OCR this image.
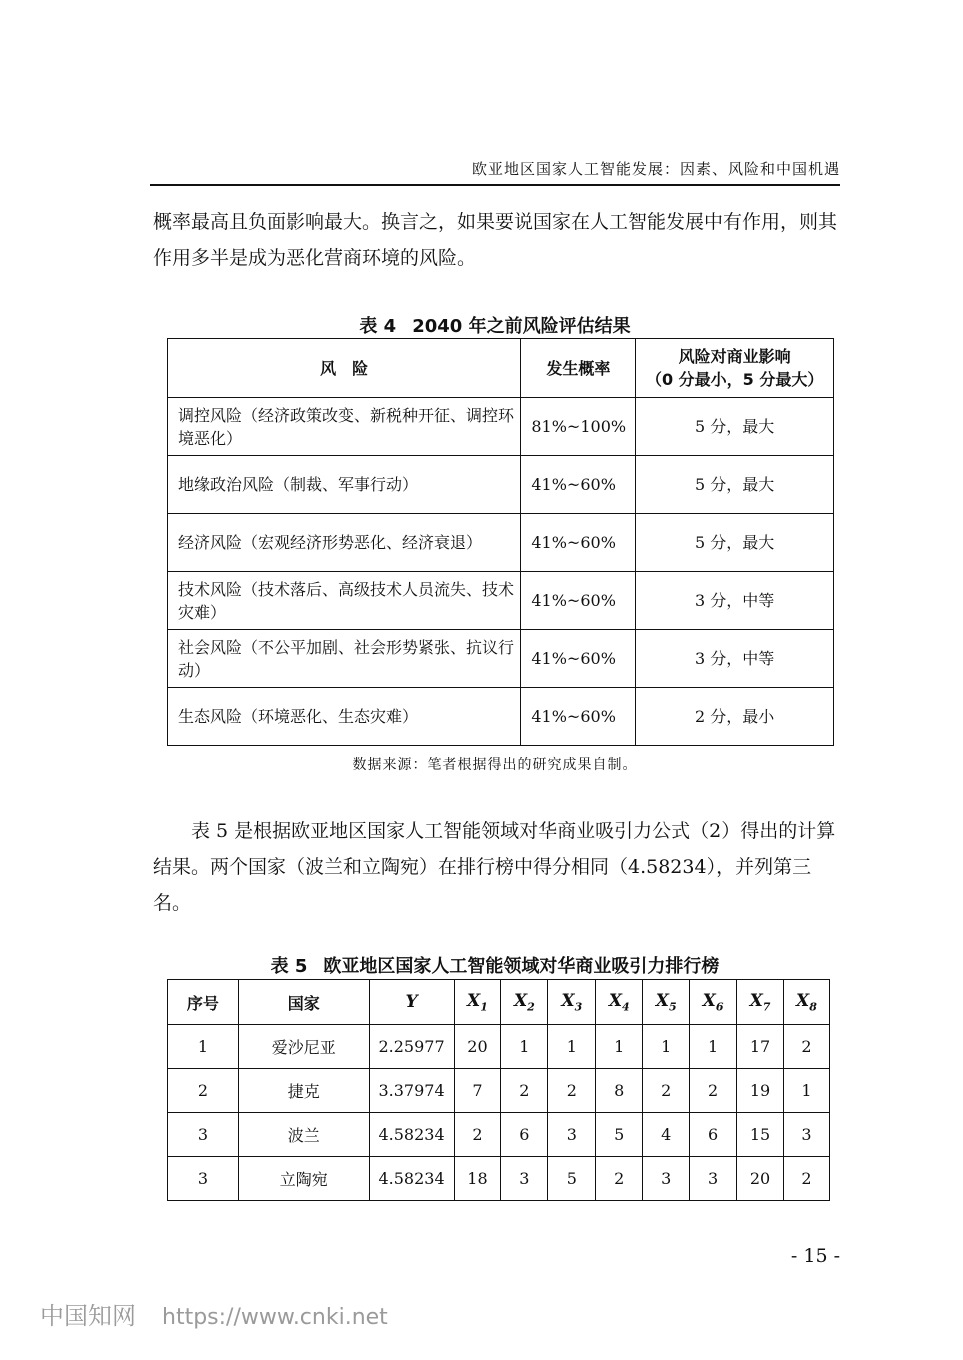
欧亚地区国家人工智能发展：因素、风险和中国机遇

概率最高且负面影响最大。换言之，如果要说国家在人工智能发展中有作用，则其作用多半是成为恶化营商环境的风险。

表 4 2040 年之前风险评估结果
风　险	发生概率	风险对商业影响
（0 分最小，5 分最大）
调控风险（经济政策改变、新税种开征、调控环境恶化）	81%~100%	5 分，最大
地缘政治风险（制裁、军事行动）	41%~60%	5 分，最大
经济风险（宏观经济形势恶化、经济衰退）	41%~60%	5 分，最大
技术风险（技术落后、高级技术人员流失、技术灾难）	41%~60%	3 分，中等
社会风险（不公平加剧、社会形势紧张、抗议行动）	41%~60%	3 分，中等
生态风险（环境恶化、生态灾难）	41%~60%	2 分，最小
数据来源：笔者根据得出的研究成果自制。

表 5 是根据欧亚地区国家人工智能领域对华商业吸引力公式（2）得出的计算结果。两个国家（波兰和立陶宛）在排行榜中得分相同（4.58234），并列第三名。

表 5 欧亚地区国家人工智能领域对华商业吸引力排行榜
序号	国家	Y	$X_1$	$X_2$	$X_3$	$X_4$	$X_5$	$X_6$	$X_7$	$X_8$
1	爱沙尼亚	2.25977	20	1	1	1	1	1	17	2
2	捷克	3.37974	7	2	2	8	2	2	19	1
3	波兰	4.58234	2	6	3	5	4	6	15	3
3	立陶宛	4.58234	18	3	5	2	3	3	20	2
- 15 -
中国知网 https://www.cnki.net
